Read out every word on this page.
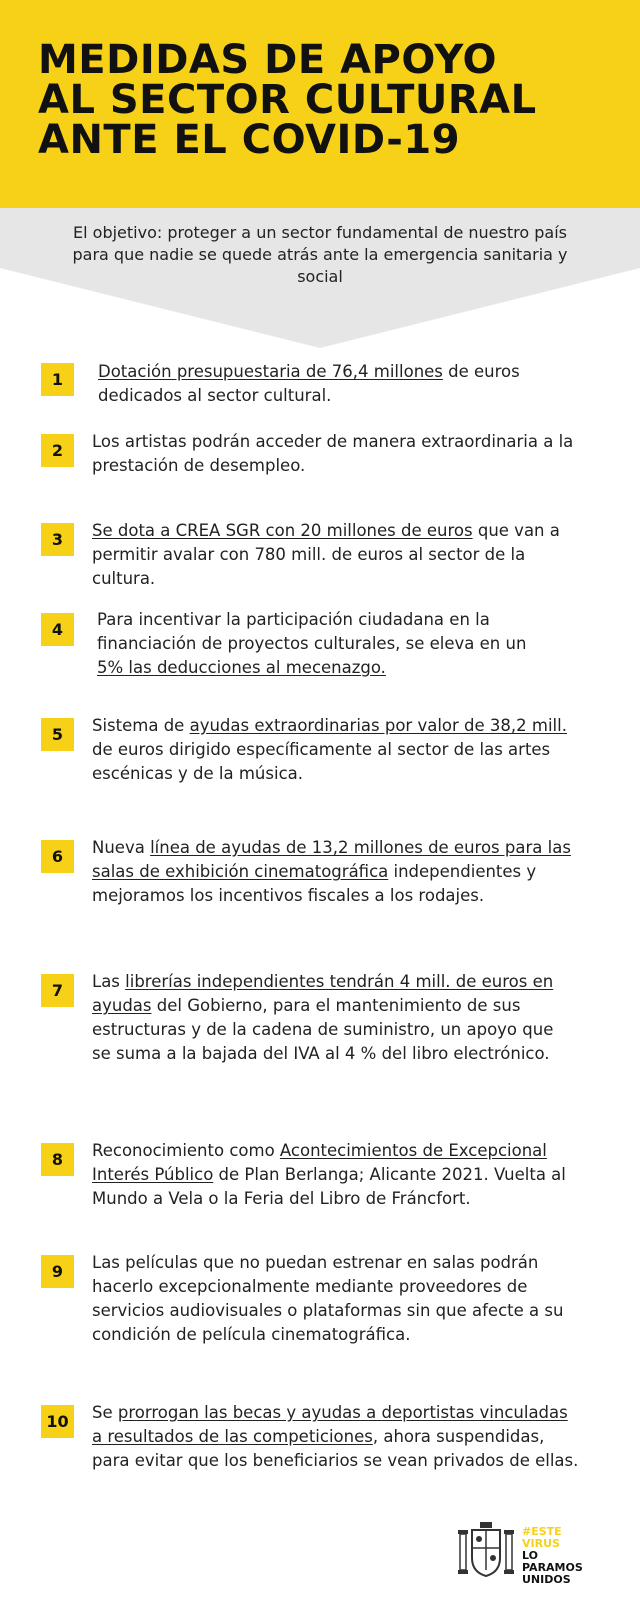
MEDIDAS DE APOYO
AL SECTOR CULTURAL
ANTE EL COVID-19

El objetivo: proteger a un sector fundamental de nuestro país para que nadie se quede atrás ante la emergencia sanitaria y social

1	Dotación presupuestaria de 76,4 millones de euros dedicados al sector cultural.

2	Los artistas podrán acceder de manera extraordinaria a la prestación de desempleo.

3	Se dota a CREA SGR con 20 millones de euros que van a permitir avalar con 780 mill. de euros al sector de la cultura.

4

Para incentivar la participación ciudadana en la financiación de proyectos culturales, se eleva en un 5% las deducciones al mecenazgo.

5	Sistema de ayudas extraordinarias por valor de 38,2 mill. de euros dirigido específicamente al sector de las artes escénicas y de la música.

6	Nueva línea de ayudas de 13,2 millones de euros para las salas de exhibición cinematográfica independientes y mejoramos los incentivos fiscales a los rodajes.

7	Las librerías independientes tendrán 4 mill. de euros en ayudas del Gobierno, para el mantenimiento de sus estructuras y de la cadena de suministro, un apoyo que se suma a la bajada del IVA al 4 % del libro electrónico.

8	Reconocimiento como Acontecimientos de Excepcional Interés Público de Plan Berlanga; Alicante 2021. Vuelta al Mundo a Vela o la Feria del Libro de Fráncfort.

9	Las películas que no puedan estrenar en salas podrán hacerlo excepcionalmente mediante proveedores de servicios audiovisuales o plataformas sin que afecte a su condición de película cinematográfica.

10	Se prorrogan las becas y ayudas a deportistas vinculadas a resultados de las competiciones, ahora suspendidas, para evitar que los beneficiarios se vean privados de ellas.

#ESTE
VIRUS
LO
PARAMOS
UNIDOS
